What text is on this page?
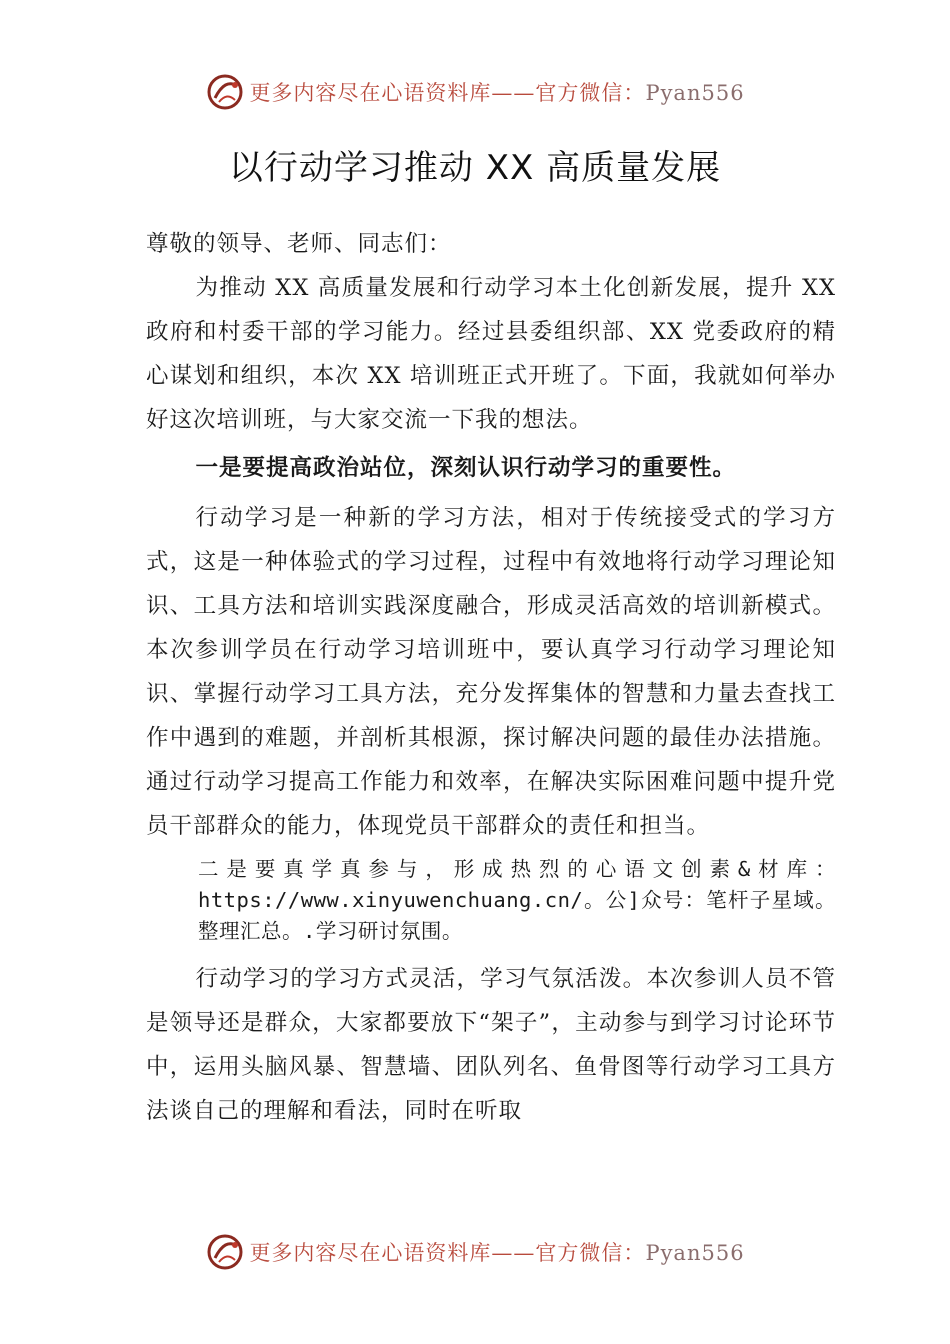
更多内容尽在心语资料库——官方微信：Pyan556
以行动学习推动 XX 高质量发展

尊敬的领导、老师、同志们：

为推动 XX 高质量发展和行动学习本土化创新发展，提升 XX 政府和村委干部的学习能力。经过县委组织部、XX 党委政府的精心谋划和组织，本次 XX 培训班正式开班了。下面，我就如何举办好这次培训班，与大家交流一下我的想法。

一是要提高政治站位，深刻认识行动学习的重要性。

行动学习是一种新的学习方法，相对于传统接受式的学习方式，这是一种体验式的学习过程，过程中有效地将行动学习理论知识、工具方法和培训实践深度融合，形成灵活高效的培训新模式。本次参训学员在行动学习培训班中，要认真学习行动学习理论知识、掌握行动学习工具方法，充分发挥集体的智慧和力量去查找工作中遇到的难题，并剖析其根源，探讨解决问题的最佳办法措施。通过行动学习提高工作能力和效率，在解决实际困难问题中提升党员干部群众的能力，体现党员干部群众的责任和担当。

二是要真学真参与，形成热烈的心语文创素&材库：https://www.xinyuwenchuang.cn/。公]众号：笔杆子星域。整理汇总。.学习研讨氛围。

行动学习的学习方式灵活，学习气氛活泼。本次参训人员不管是领导还是群众，大家都要放下“架子”，主动参与到学习讨论环节中，运用头脑风暴、智慧墙、团队列名、鱼骨图等行动学习工具方法谈自己的理解和看法，同时在听取

更多内容尽在心语资料库——官方微信：Pyan556
